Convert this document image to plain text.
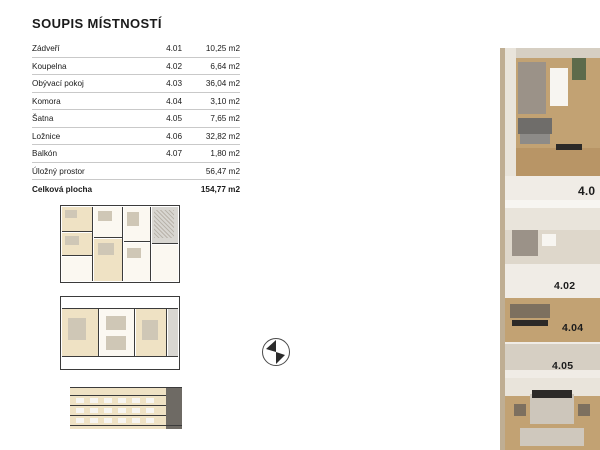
SOUPIS MÍSTNOSTÍ
Zádveří	4.01	10,25 m2
Koupelna	4.02	6,64 m2
Obývací pokoj	4.03	36,04 m2
Komora	4.04	3,10 m2
Šatna	4.05	7,65 m2
Ložnice	4.06	32,82 m2
Balkón	4.07	1,80 m2
Úložný prostor		56,47 m2
Celková plocha		154,77 m2	4.0
4.02
4.04
4.05
